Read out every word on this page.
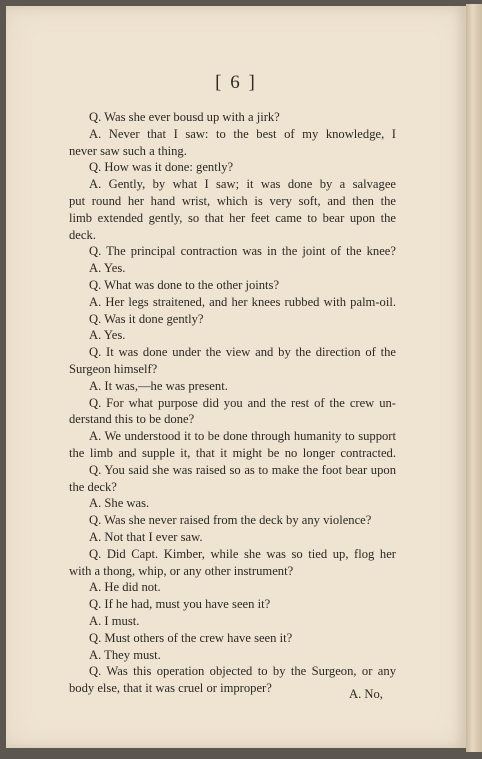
[ 6 ]
Q. Was she ever bousd up with a jirk?
A. Never that I saw: to the best of my knowledge, I
never saw such a thing.
Q. How was it done: gently?
A. Gently, by what I saw; it was done by a salvagee
put round her hand wrist, which is very soft, and then the
limb extended gently, so that her feet came to bear upon the
deck.
Q. The principal contraction was in the joint of the knee?
A. Yes.
Q. What was done to the other joints?
A. Her legs straitened, and her knees rubbed with palm-oil.
Q. Was it done gently?
A. Yes.
Q. It was done under the view and by the direction of the
Surgeon himself?
A. It was,—he was present.
Q. For what purpose did you and the rest of the crew un-
derstand this to be done?
A. We understood it to be done through humanity to support
the limb and supple it, that it might be no longer contracted.
Q. You said she was raised so as to make the foot bear upon
the deck?
A. She was.
Q. Was she never raised from the deck by any violence?
A. Not that I ever saw.
Q. Did Capt. Kimber, while she was so tied up, flog her
with a thong, whip, or any other instrument?
A. He did not.
Q. If he had, must you have seen it?
A. I must.
Q. Must others of the crew have seen it?
A. They must.
Q. Was this operation objected to by the Surgeon, or any
body else, that it was cruel or improper?	A. No,
